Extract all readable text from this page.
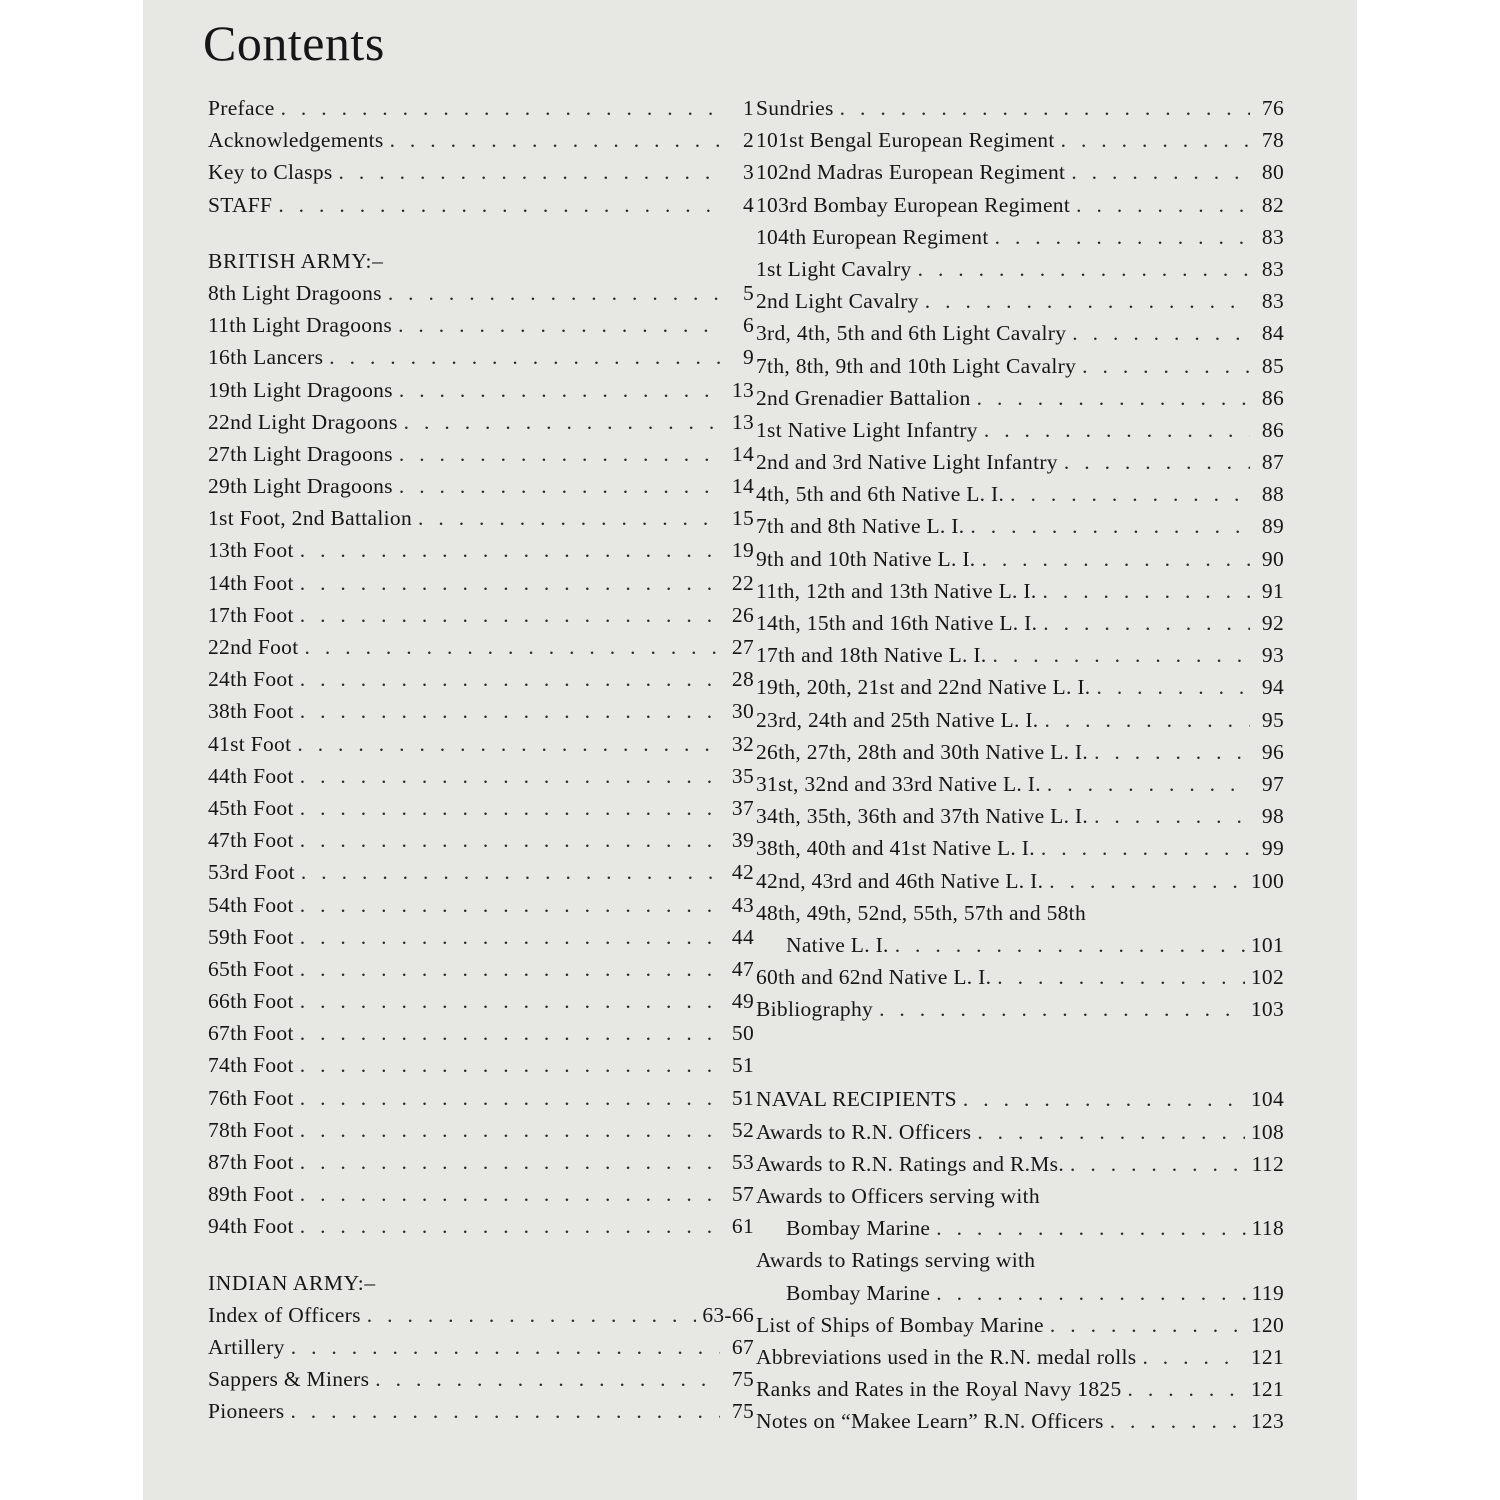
Contents
Preface . . .	1
Acknowledgements . . .	2
Key to Clasps . . .	3
STAFF . . .	4
BRITISH ARMY:–
8th Light Dragoons . . .	5
11th Light Dragoons . . .	6
16th Lancers . . .	9
19th Light Dragoons . . .	13
22nd Light Dragoons . . .	13
27th Light Dragoons . . .	14
29th Light Dragoons . . .	14
1st Foot, 2nd Battalion . . .	15
13th Foot . . .	19
14th Foot . . .	22
17th Foot . . .	26
22nd Foot . . .	27
24th Foot . . .	28
38th Foot . . .	30
41st Foot . . .	32
44th Foot . . .	35
45th Foot . . .	37
47th Foot . . .	39
53rd Foot . . .	42
54th Foot . . .	43
59th Foot . . .	44
65th Foot . . .	47
66th Foot . . .	49
67th Foot . . .	50
74th Foot . . .	51
76th Foot . . .	51
78th Foot . . .	52
87th Foot . . .	53
89th Foot . . .	57
94th Foot . . .	61
INDIAN ARMY:–
Index of Officers . . .	63-66
Artillery . . .	67
Sappers & Miners . . .	75
Pioneers . . .	75
Sundries . . .	76
101st Bengal European Regiment . . .	78
102nd Madras European Regiment . . .	80
103rd Bombay European Regiment . . .	82
104th European Regiment . . .	83
1st Light Cavalry . . .	83
2nd Light Cavalry . . .	83
3rd, 4th, 5th and 6th Light Cavalry . . .	84
7th, 8th, 9th and 10th Light Cavalry . . .	85
2nd Grenadier Battalion . . .	86
1st Native Light Infantry . . .	86
2nd and 3rd Native Light Infantry . . .	87
4th, 5th and 6th Native L. I. . . .	88
7th and 8th Native L. I. . . .	89
9th and 10th Native L. I. . . .	90
11th, 12th and 13th Native L. I. . . .	91
14th, 15th and 16th Native L. I. . . .	92
17th and 18th Native L. I. . . .	93
19th, 20th, 21st and 22nd Native L. I. . . .	94
23rd, 24th and 25th Native L. I. . . .	95
26th, 27th, 28th and 30th Native L. I. . . .	96
31st, 32nd and 33rd Native L. I. . . .	97
34th, 35th, 36th and 37th Native L. I. . . .	98
38th, 40th and 41st Native L. I. . . .	99
42nd, 43rd and 46th Native L. I. . . .	100
48th, 49th, 52nd, 55th, 57th and 58th
Native L. I. . . .	101
60th and 62nd Native L. I. . . .	102
Bibliography . . .	103
NAVAL RECIPIENTS . . .	104
Awards to R.N. Officers . . .	108
Awards to R.N. Ratings and R.Ms. . . .	112
Awards to Officers serving with
Bombay Marine . . .	118
Awards to Ratings serving with
Bombay Marine . . .	119
List of Ships of Bombay Marine . . .	120
Abbreviations used in the R.N. medal rolls . . .	121
Ranks and Rates in the Royal Navy 1825 . . .	121
Notes on “Makee Learn” R.N. Officers . . .	123
